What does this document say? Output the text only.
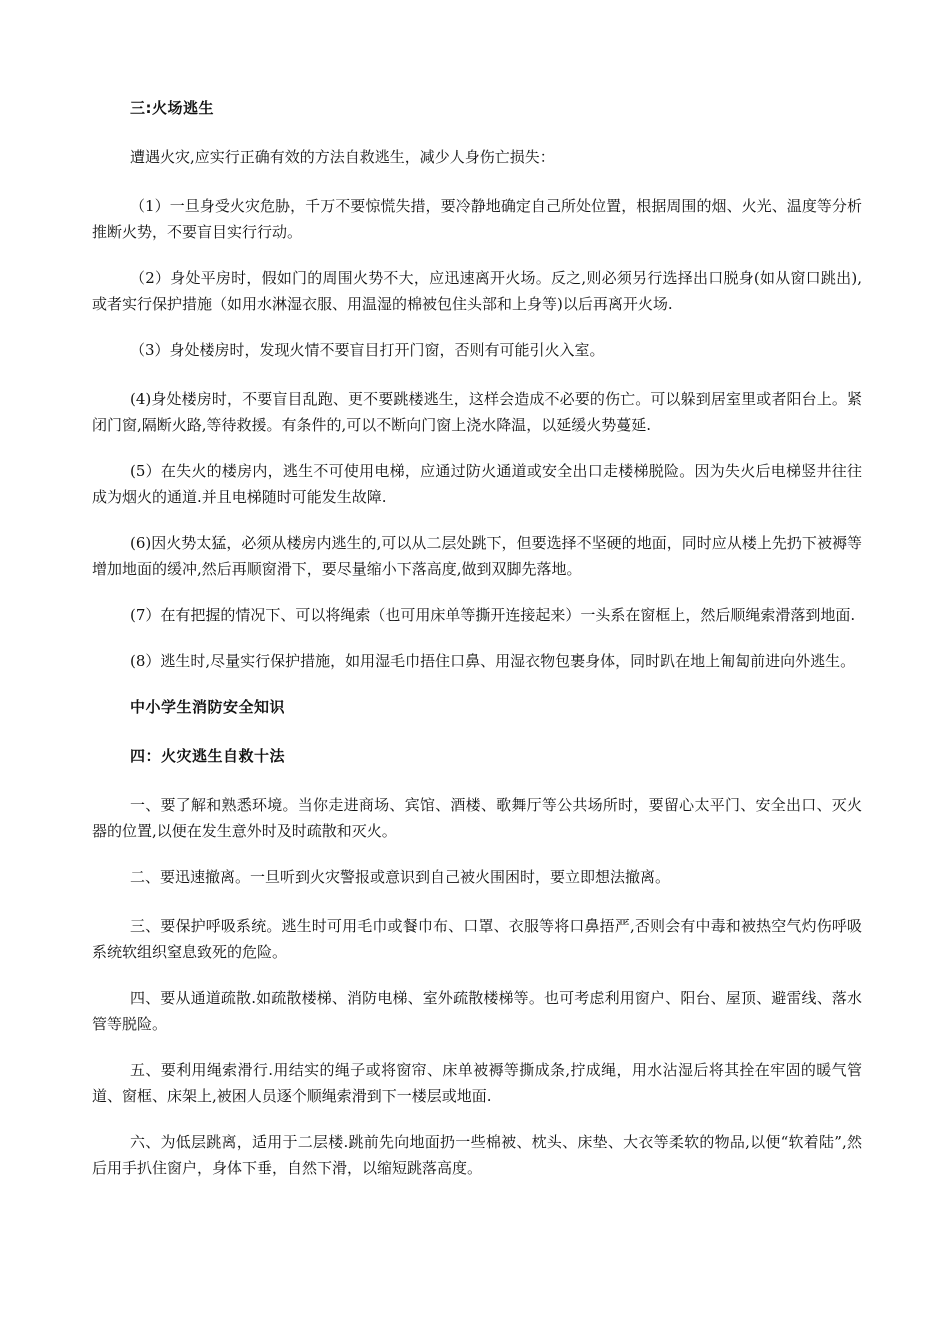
三:火场逃生

遭遇火灾,应实行正确有效的方法自救逃生，减少人身伤亡损失：

（1）一旦身受火灾危胁，千万不要惊慌失措，要冷静地确定自己所处位置，根据周围的烟、火光、温度等分析推断火势，不要盲目实行行动。

（2）身处平房时，假如门的周围火势不大，应迅速离开火场。反之,则必须另行选择出口脱身(如从窗口跳出),或者实行保护措施（如用水淋湿衣服、用温湿的棉被包住头部和上身等)以后再离开火场.

（3）身处楼房时，发现火情不要盲目打开门窗，否则有可能引火入室。

(4)身处楼房时，不要盲目乱跑、更不要跳楼逃生，这样会造成不必要的伤亡。可以躲到居室里或者阳台上。紧闭门窗,隔断火路,等待救援。有条件的,可以不断向门窗上浇水降温，以延缓火势蔓延.

(5）在失火的楼房内，逃生不可使用电梯，应通过防火通道或安全出口走楼梯脱险。因为失火后电梯竖井往往成为烟火的通道.并且电梯随时可能发生故障.

(6)因火势太猛，必须从楼房内逃生的,可以从二层处跳下，但要选择不坚硬的地面，同时应从楼上先扔下被褥等增加地面的缓冲,然后再顺窗滑下，要尽量缩小下落高度,做到双脚先落地。

(7）在有把握的情况下、可以将绳索（也可用床单等撕开连接起来）一头系在窗框上，然后顺绳索滑落到地面.

(8）逃生时,尽量实行保护措施，如用湿毛巾捂住口鼻、用湿衣物包裹身体，同时趴在地上匍匐前进向外逃生。

中小学生消防安全知识

四：火灾逃生自救十法

一、要了解和熟悉环境。当你走进商场、宾馆、酒楼、歌舞厅等公共场所时，要留心太平门、安全出口、灭火器的位置,以便在发生意外时及时疏散和灭火。

二、要迅速撤离。一旦听到火灾警报或意识到自己被火围困时，要立即想法撤离。

三、要保护呼吸系统。逃生时可用毛巾或餐巾布、口罩、衣服等将口鼻捂严,否则会有中毒和被热空气灼伤呼吸系统软组织窒息致死的危险。

四、要从通道疏散.如疏散楼梯、消防电梯、室外疏散楼梯等。也可考虑利用窗户、阳台、屋顶、避雷线、落水管等脱险。

五、要利用绳索滑行.用结实的绳子或将窗帘、床单被褥等撕成条,拧成绳，用水沾湿后将其拴在牢固的暖气管道、窗框、床架上,被困人员逐个顺绳索滑到下一楼层或地面.

六、为低层跳离，适用于二层楼.跳前先向地面扔一些棉被、枕头、床垫、大衣等柔软的物品,以便“软着陆”,然后用手扒住窗户，身体下垂，自然下滑，以缩短跳落高度。
